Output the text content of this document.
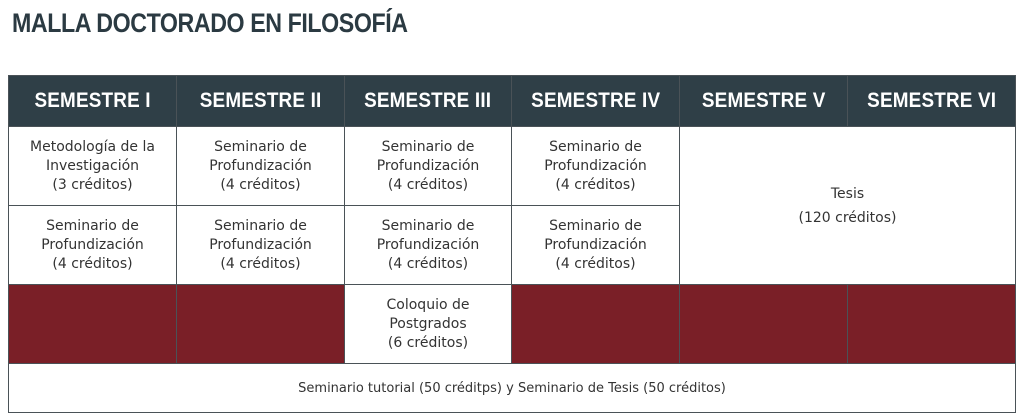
MALLA DOCTORADO EN FILOSOFÍA
SEMESTRE I	SEMESTRE II	SEMESTRE III	SEMESTRE IV	SEMESTRE V	SEMESTRE VI

Metodología de la
Investigación
(3 créditos)	Seminario de
Profundización
(4 créditos)	Seminario de
Profundización
(4 créditos)	Seminario de
Profundización
(4 créditos)	Tesis
(120 créditos)	

Seminario de
Profundización
(4 créditos)	Seminario de
Profundización
(4 créditos)	Seminario de
Profundización
(4 créditos)	Seminario de
Profundización
(4 créditos)		

		Coloquio de
Postgrados
(6 créditos)			

Seminario tutorial (50 créditps) y Seminario de Tesis (50 créditos)					
